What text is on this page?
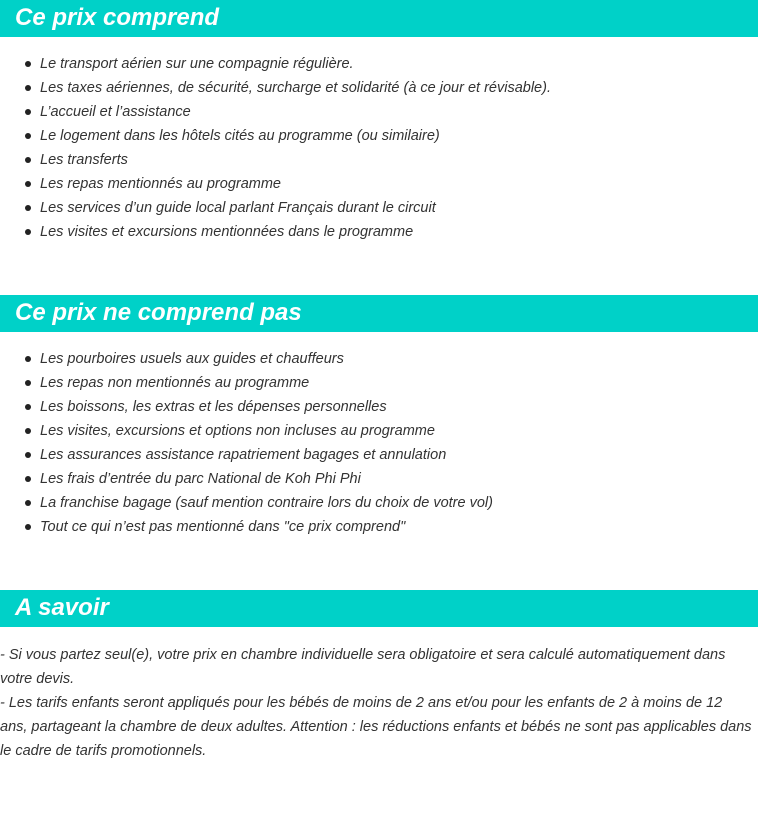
Ce prix comprend
Le transport aérien sur une compagnie régulière.
Les taxes aériennes, de sécurité, surcharge et solidarité (à ce jour et révisable).
L’accueil et l’assistance
Le logement dans les hôtels cités au programme (ou similaire)
Les transferts
Les repas mentionnés au programme
Les services d’un guide local parlant Français durant le circuit
Les visites et excursions mentionnées dans le programme
Ce prix ne comprend pas
Les pourboires usuels aux guides et chauffeurs
Les repas non mentionnés au programme
Les boissons, les extras et les dépenses personnelles
Les visites, excursions et options non incluses au programme
Les assurances assistance rapatriement bagages et annulation
Les frais d’entrée du parc National de Koh Phi Phi
La franchise bagage (sauf mention contraire lors du choix de votre vol)
Tout ce qui n’est pas mentionné dans "ce prix comprend"
A savoir

- Si vous partez seul(e), votre prix en chambre individuelle sera obligatoire et sera calculé automatiquement dans votre devis.

- Les tarifs enfants seront appliqués pour les bébés de moins de 2 ans et/ou pour les enfants de 2 à moins de 12 ans, partageant la chambre de deux adultes. Attention : les réductions enfants et bébés ne sont pas applicables dans le cadre de tarifs promotionnels.
